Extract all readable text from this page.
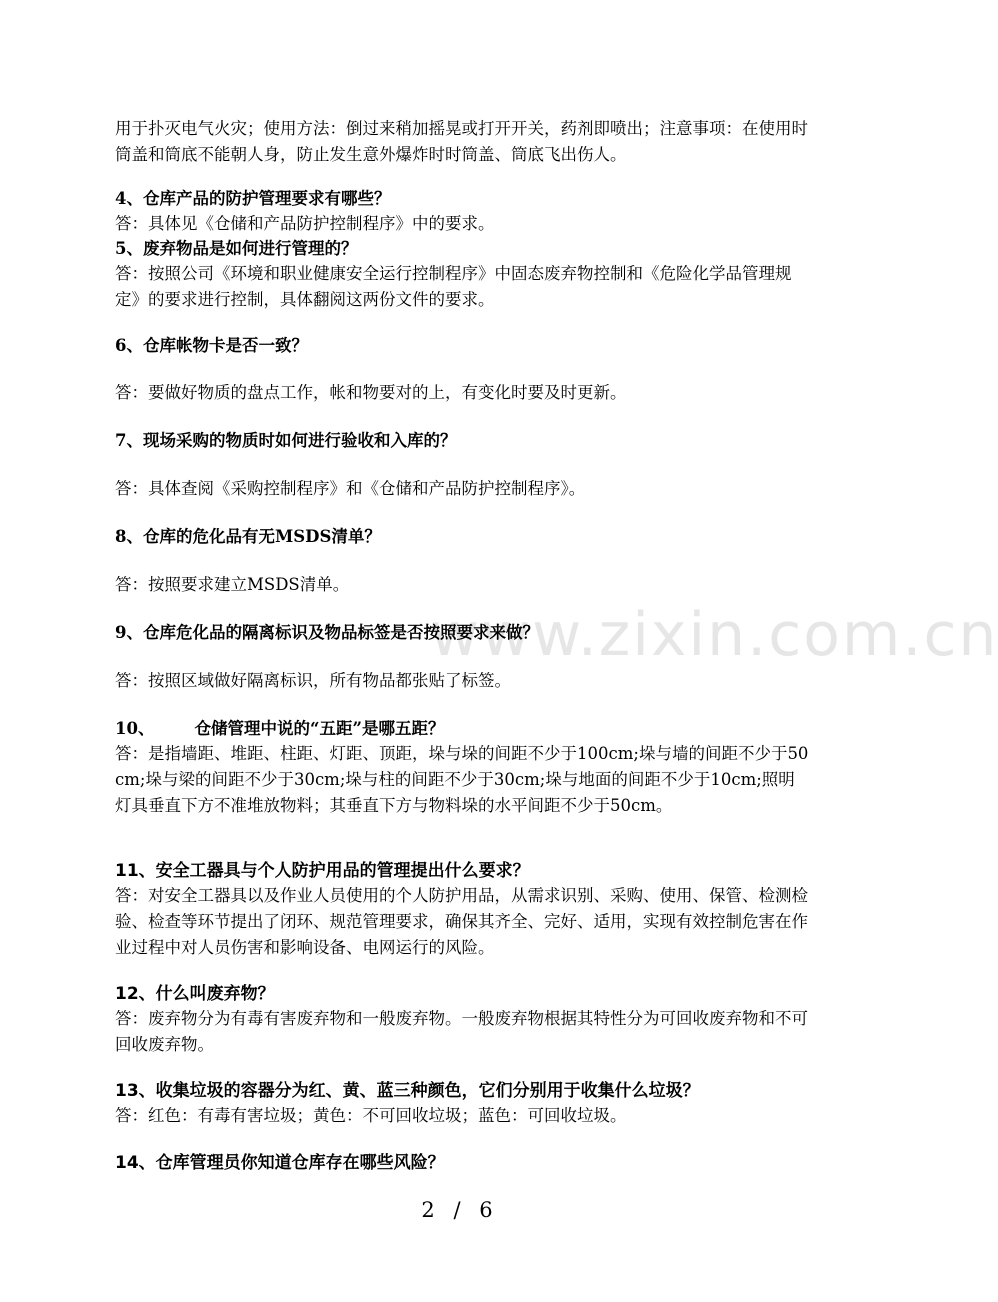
www.zixin.com.cn
用于扑灭电气火灾；使用方法：倒过来稍加摇晃或打开开关，药剂即喷出；注意事项：在使用时筒盖和筒底不能朝人身，防止发生意外爆炸时时筒盖、筒底飞出伤人。
4、仓库产品的防护管理要求有哪些？
答：具体见《仓储和产品防护控制程序》中的要求。
5、废弃物品是如何进行管理的？
答：按照公司《环境和职业健康安全运行控制程序》中固态废弃物控制和《危险化学品管理规定》的要求进行控制，具体翻阅这两份文件的要求。
6、仓库帐物卡是否一致？
答：要做好物质的盘点工作，帐和物要对的上，有变化时要及时更新。
7、现场采购的物质时如何进行验收和入库的？
答：具体查阅《采购控制程序》和《仓储和产品防护控制程序》。
8、仓库的危化品有无MSDS清单？
答：按照要求建立MSDS清单。
9、仓库危化品的隔离标识及物品标签是否按照要求来做？
答：按照区域做好隔离标识，所有物品都张贴了标签。
10、 仓储管理中说的“五距”是哪五距？
答：是指墙距、堆距、柱距、灯距、顶距，垛与垛的间距不少于100cm;垛与墙的间距不少于50cm;垛与梁的间距不少于30cm;垛与柱的间距不少于30cm;垛与地面的间距不少于10cm;照明灯具垂直下方不准堆放物料；其垂直下方与物料垛的水平间距不少于50cm。
11、安全工器具与个人防护用品的管理提出什么要求？
答：对安全工器具以及作业人员使用的个人防护用品，从需求识别、采购、使用、保管、检测检验、检查等环节提出了闭环、规范管理要求，确保其齐全、完好、适用，实现有效控制危害在作业过程中对人员伤害和影响设备、电网运行的风险。
12、什么叫废弃物？
答：废弃物分为有毒有害废弃物和一般废弃物。一般废弃物根据其特性分为可回收废弃物和不可回收废弃物。
13、收集垃圾的容器分为红、黄、蓝三种颜色，它们分别用于收集什么垃圾？
答：红色：有毒有害垃圾；黄色：不可回收垃圾；蓝色：可回收垃圾。
14、仓库管理员你知道仓库存在哪些风险？
2 / 6
